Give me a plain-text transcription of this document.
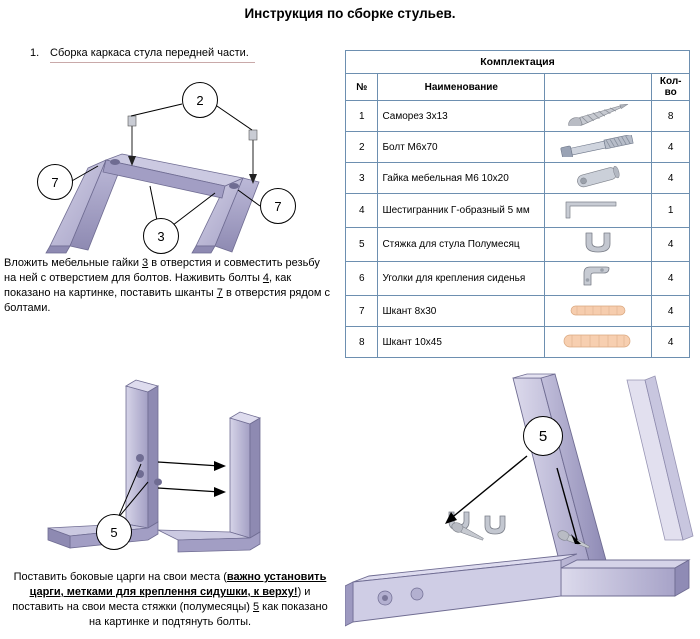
Инструкция по сборке стульев.
1. Сборка каркаса стула передней части.
2
7
7
3
Вложить мебельные гайки 3 в отверстия и совместить резьбу на ней с отверстием для болтов. Наживить болты 4, как показано на картинке, поставить шканты 7 в отверстия рядом с болтами.
Комплектация			
№	Наименование		Кол-во
1	Саморез 3х13		8
2	Болт М6х70		4
3	Гайка мебельная М6 10х20		4
4	Шестигранник Г-образный 5 мм		1
5	Стяжка для стула Полумесяц		4
6	Уголки для крепления сиденья		4
7	Шкант 8х30		4
8	Шкант 10х45		4
5
Поставить боковые царги на свои места (важно установить царги, метками для креплення сидушки, к верху!) и поставить на свои места стяжки (полумесяцы) 5 как показано на картинке и подтянуть болты.
5
